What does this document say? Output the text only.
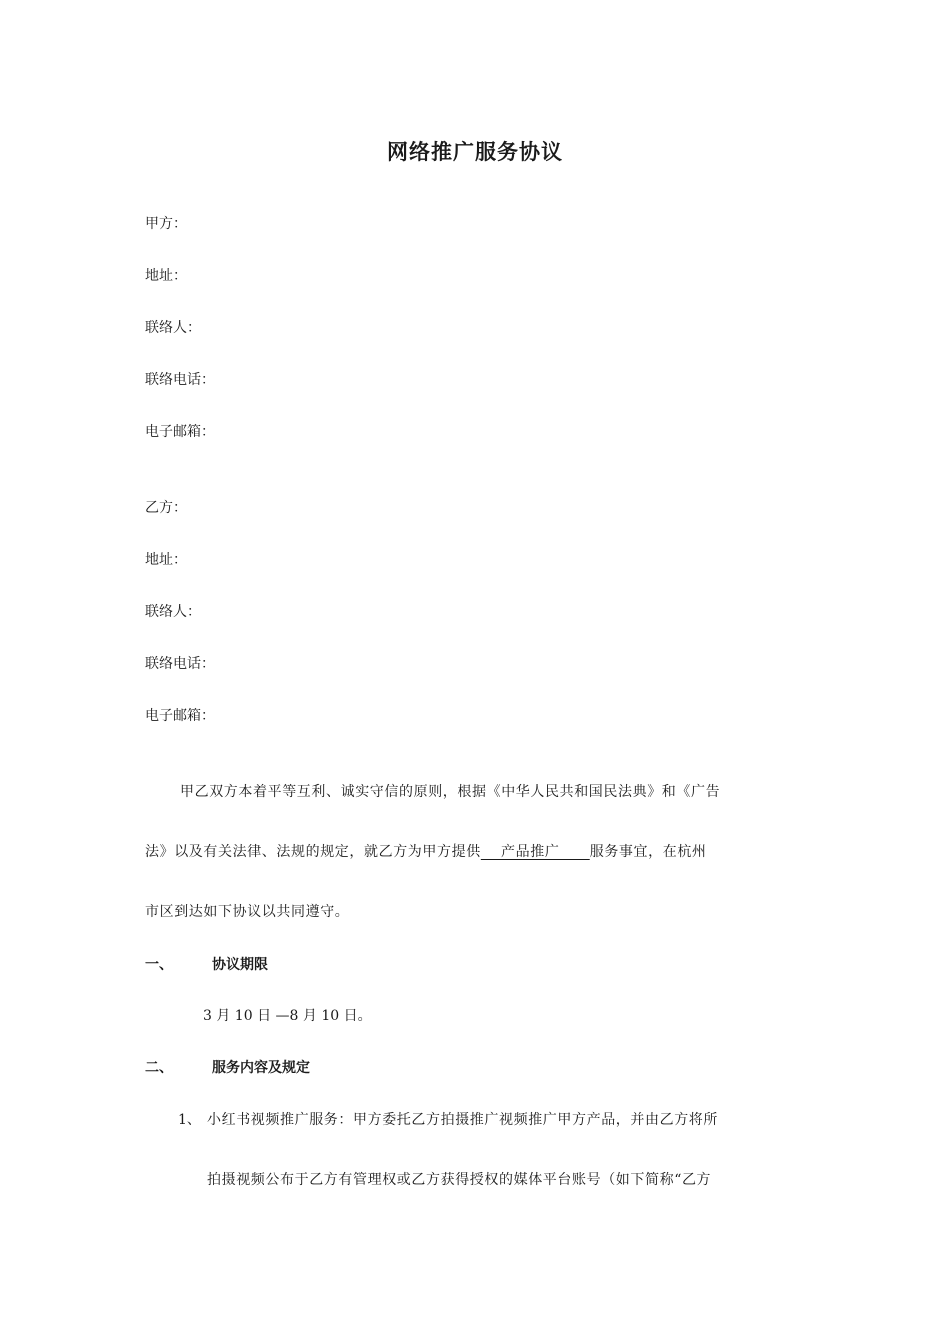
网络推广服务协议
甲方：
地址：
联络人：
联络电话：
电子邮箱：
乙方：
地址：
联络人：
联络电话：
电子邮箱：
甲乙双方本着平等互利、诚实守信的原则，根据《中华人民共和国民法典》和《广告
法》以及有关法律、法规的规定，就乙方为甲方提供    产品推广      服务事宜，在杭州
市区到达如下协议以共同遵守。
一、	协议期限
3 月 10 日 —8 月 10 日。
二、	服务内容及规定
1、 小红书视频推广服务：甲方委托乙方拍摄推广视频推广甲方产品，并由乙方将所
拍摄视频公布于乙方有管理权或乙方获得授权的媒体平台账号（如下简称“乙方
